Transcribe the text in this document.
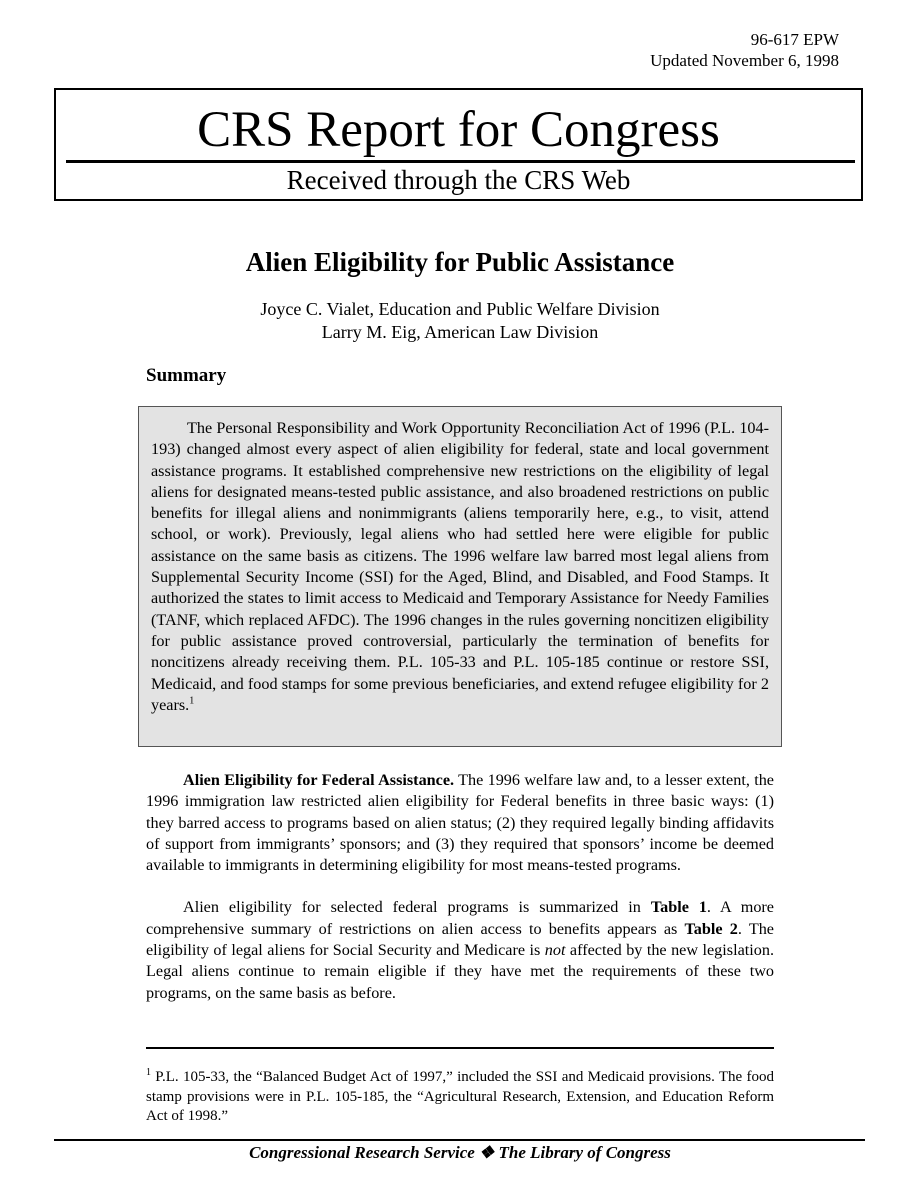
96-617 EPW
Updated November 6, 1998
CRS Report for Congress
Received through the CRS Web
Alien Eligibility for Public Assistance
Joyce C. Vialet, Education and Public Welfare Division
Larry M. Eig, American Law Division
Summary

The Personal Responsibility and Work Opportunity Reconciliation Act of 1996 (P.L. 104-193) changed almost every aspect of alien eligibility for federal, state and local government assistance programs. It established comprehensive new restrictions on the eligibility of legal aliens for designated means-tested public assistance, and also broadened restrictions on public benefits for illegal aliens and nonimmigrants (aliens temporarily here, e.g., to visit, attend school, or work). Previously, legal aliens who had settled here were eligible for public assistance on the same basis as citizens. The 1996 welfare law barred most legal aliens from Supplemental Security Income (SSI) for the Aged, Blind, and Disabled, and Food Stamps. It authorized the states to limit access to Medicaid and Temporary Assistance for Needy Families (TANF, which replaced AFDC). The 1996 changes in the rules governing noncitizen eligibility for public assistance proved controversial, particularly the termination of benefits for noncitizens already receiving them. P.L. 105-33 and P.L. 105-185 continue or restore SSI, Medicaid, and food stamps for some previous beneficiaries, and extend refugee eligibility for 2 years.$^1$

Alien Eligibility for Federal Assistance. The 1996 welfare law and, to a lesser extent, the 1996 immigration law restricted alien eligibility for Federal benefits in three basic ways: (1) they barred access to programs based on alien status; (2) they required legally binding affidavits of support from immigrants’ sponsors; and (3) they required that sponsors’ income be deemed available to immigrants in determining eligibility for most means-tested programs.

Alien eligibility for selected federal programs is summarized in Table 1. A more comprehensive summary of restrictions on alien access to benefits appears as Table 2. The eligibility of legal aliens for Social Security and Medicare is not affected by the new legislation. Legal aliens continue to remain eligible if they have met the requirements of these two programs, on the same basis as before.

$^1$ P.L. 105-33, the “Balanced Budget Act of 1997,” included the SSI and Medicaid provisions. The food stamp provisions were in P.L. 105-185, the “Agricultural Research, Extension, and Education Reform Act of 1998.”

Congressional Research Service ❖ The Library of Congress
